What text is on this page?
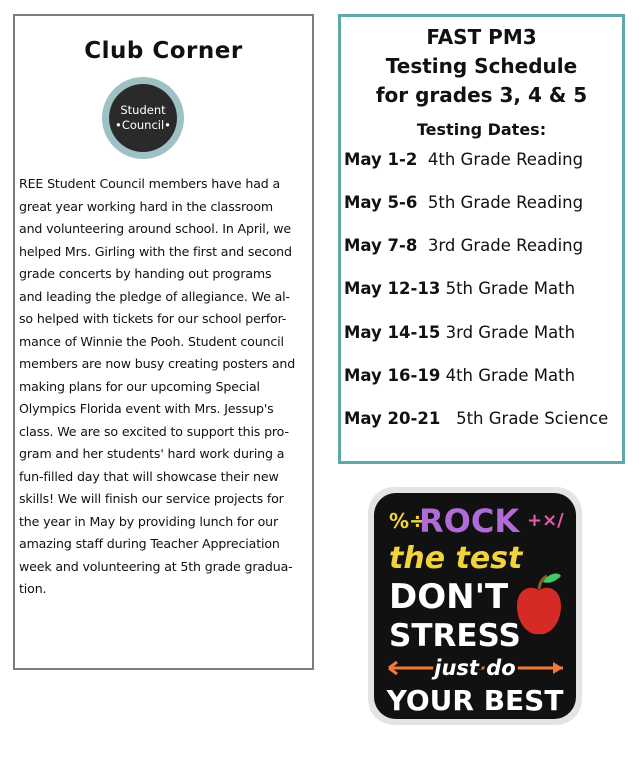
Club Corner
Student
•Council•

REE Student Council members have had a

great year working hard in the classroom

and volunteering around school. In April, we

helped Mrs. Girling with the first and second

grade concerts by handing out programs

and leading the pledge of allegiance. We al-

so helped with tickets for our school perfor-

mance of Winnie the Pooh. Student council

members are now busy creating posters and

making plans for our upcoming Special

Olympics Florida event with Mrs. Jessup's

class. We are so excited to support this pro-

gram and her students' hard work during a

fun-filled day that will showcase their new

skills! We will finish our service projects for

the year in May by providing lunch for our

amazing staff during Teacher Appreciation

week and volunteering at 5th grade gradua-

tion.

FAST PM3
Testing Schedule
for grades 3, 4 & 5
Testing Dates:
May 1-2 4th Grade Reading
May 5-6 5th Grade Reading
May 7-8 3rd Grade Reading
May 12-13 5th Grade Math
May 14-15 3rd Grade Math
May 16-19 4th Grade Math
May 20-21 5th Grade Science
%÷
ROCK +×/
the test
DON'T
STRESS
just do
YOUR BEST
